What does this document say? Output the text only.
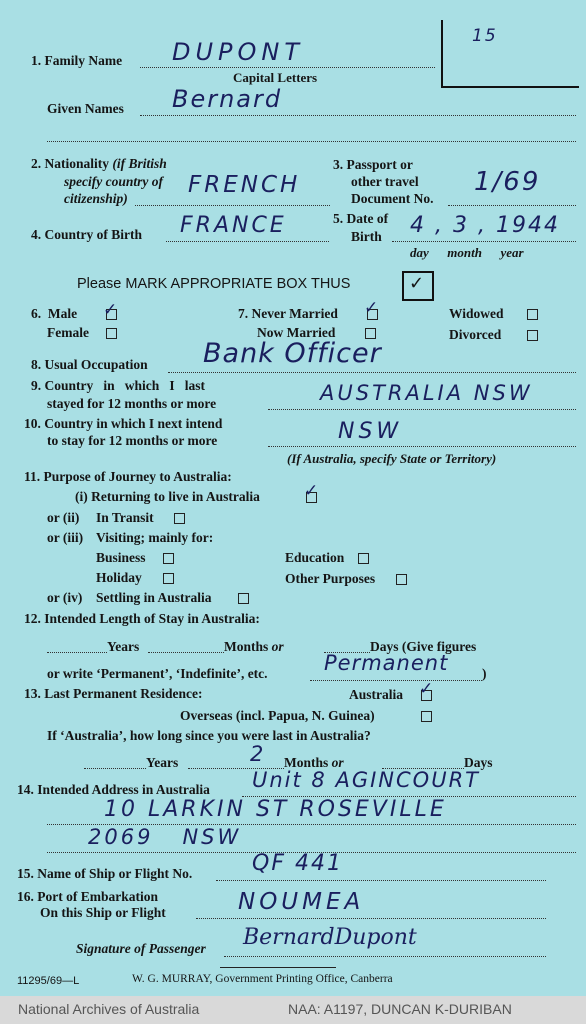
15
1. Family Name DUPONT
Capital Letters
Given Names Bernard
2. Nationality (if British
specify country of
citizenship)
FRENCH
3. Passport or
other travel
Document No.
1/69
4. Country of Birth FRANCE	5. Date of
Birth 4 , 3 , 1944
day  month  year
Please MARK APPROPRIATE BOX THUS	✓
6. Male ✓
Female
7. Never Married ✓
Now Married
Widowed
Divorced
8. Usual Occupation Bank Officer
9. Country   in   which   I   last
stayed for 12 months or more	AUSTRALIA NSW
10. Country in which I next intend
to stay for 12 months or more	NSW
(If Australia, specify State or Territory)
11. Purpose of Journey to Australia:
(i) Returning to live in Australia	✓
or (ii) In Transit
or (iii) Visiting; mainly for:
Business	Education
Holiday	Other Purposes
or (iv) Settling in Australia
12. Intended Length of Stay in Australia:
Years	Months or	Days (Give figures
or write ‘Permanent’, ‘Indefinite’, etc.	)
Permanent
13. Last Permanent Residence:	Australia ✓
Overseas (incl. Papua, N. Guinea)
If ‘Australia’, how long since you were last in Australia?
Years	2 Months or	Days
14. Intended Address in Australia Unit 8 AGINCOURT
10 LARKIN ST ROSEVILLE
2069   NSW
15. Name of Ship or Flight No.	QF 441
16. Port of Embarkation
On this Ship or Flight	NOUMEA
Signature of Passenger BernardDupont
11295/69—L	W. G. MURRAY, Government Printing Office, Canberra
National Archives of Australia	NAA: A1197, DUNCAN K-DURIBAN
